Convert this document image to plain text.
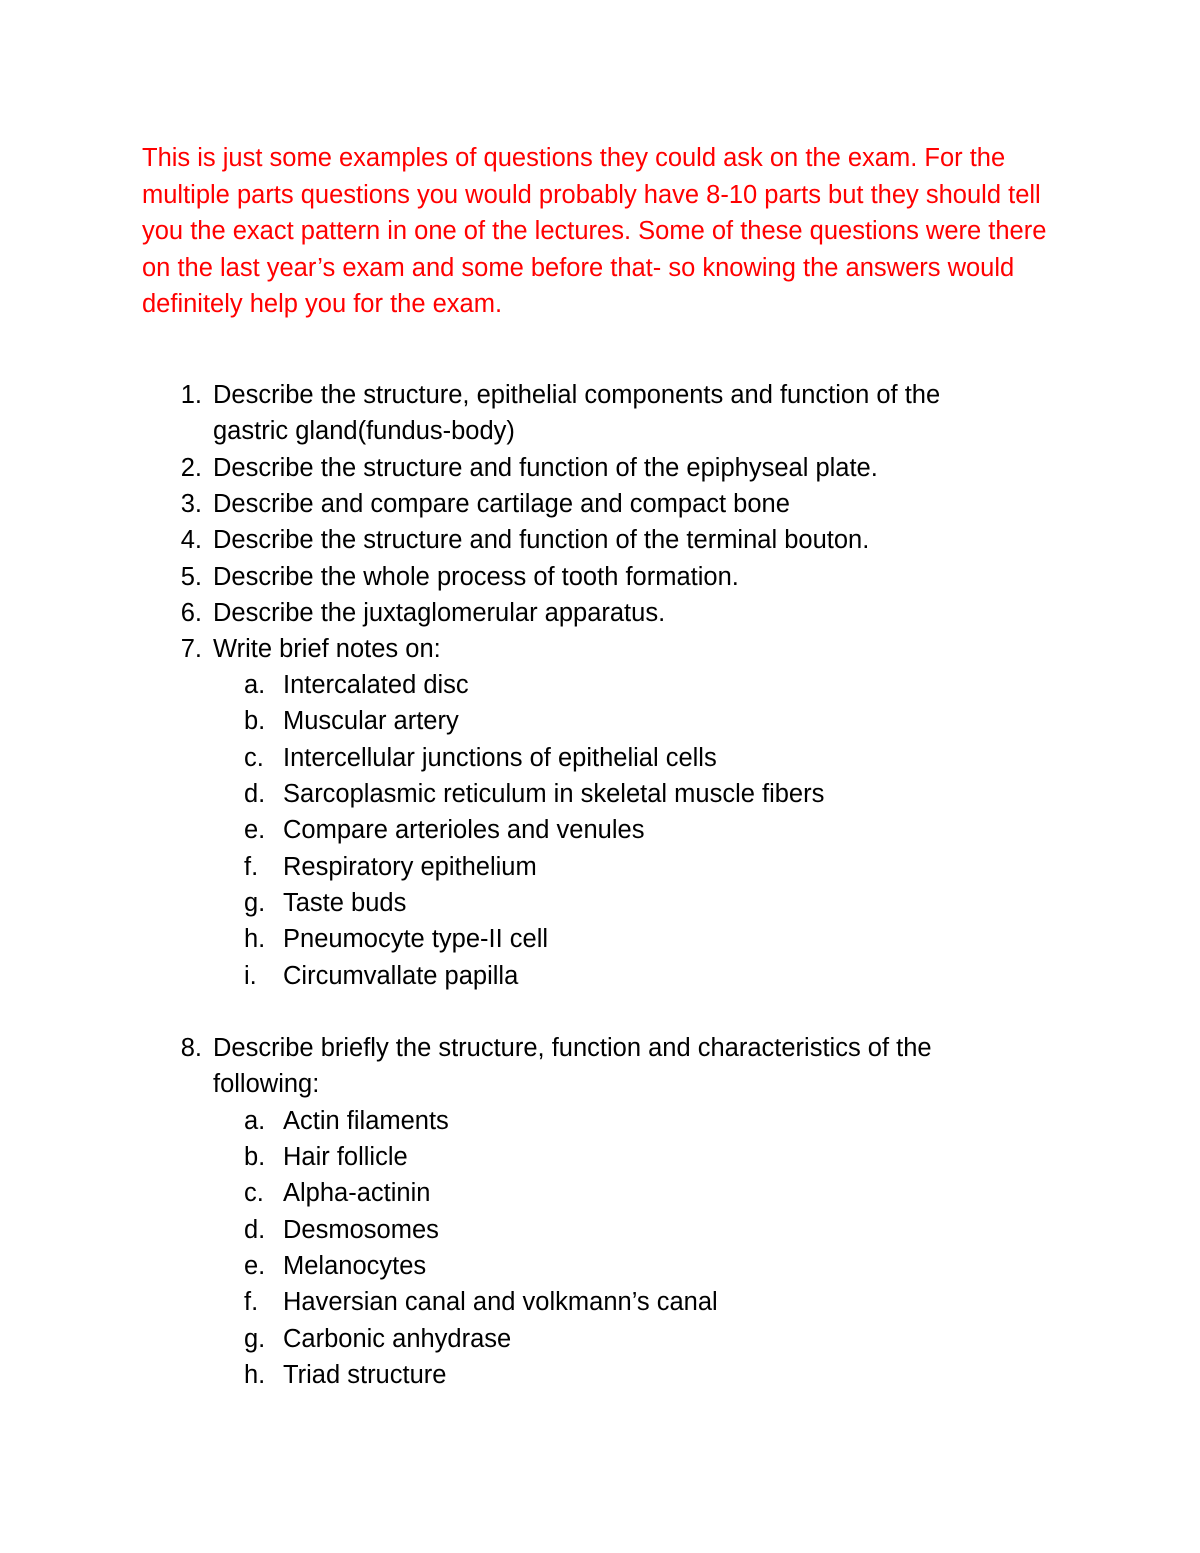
This is just some examples of questions they could ask on the exam. For the multiple parts questions you would probably have 8-10 parts but they should tell you the exact pattern in one of the lectures. Some of these questions were there on the last year’s exam and some before that- so knowing the answers would definitely help you for the exam.

1. Describe the structure, epithelial components and function of the gastric gland(fundus-body)
2. Describe the structure and function of the epiphyseal plate.
3. Describe and compare cartilage and compact bone
4. Describe the structure and function of the terminal bouton.
5. Describe the whole process of tooth formation.
6. Describe the juxtaglomerular apparatus.
7. Write brief notes on:
a. Intercalated disc
b. Muscular artery
c. Intercellular junctions of epithelial cells
d. Sarcoplasmic reticulum in skeletal muscle fibers
e. Compare arterioles and venules
f. Respiratory epithelium
g. Taste buds
h. Pneumocyte type-II cell
i.	Circumvallate papilla
8. Describe briefly the structure, function and characteristics of the following:
a. Actin filaments
b. Hair follicle
c. Alpha-actinin
d. Desmosomes
e. Melanocytes
f. Haversian canal and volkmann’s canal
g. Carbonic anhydrase
h. Triad structure
